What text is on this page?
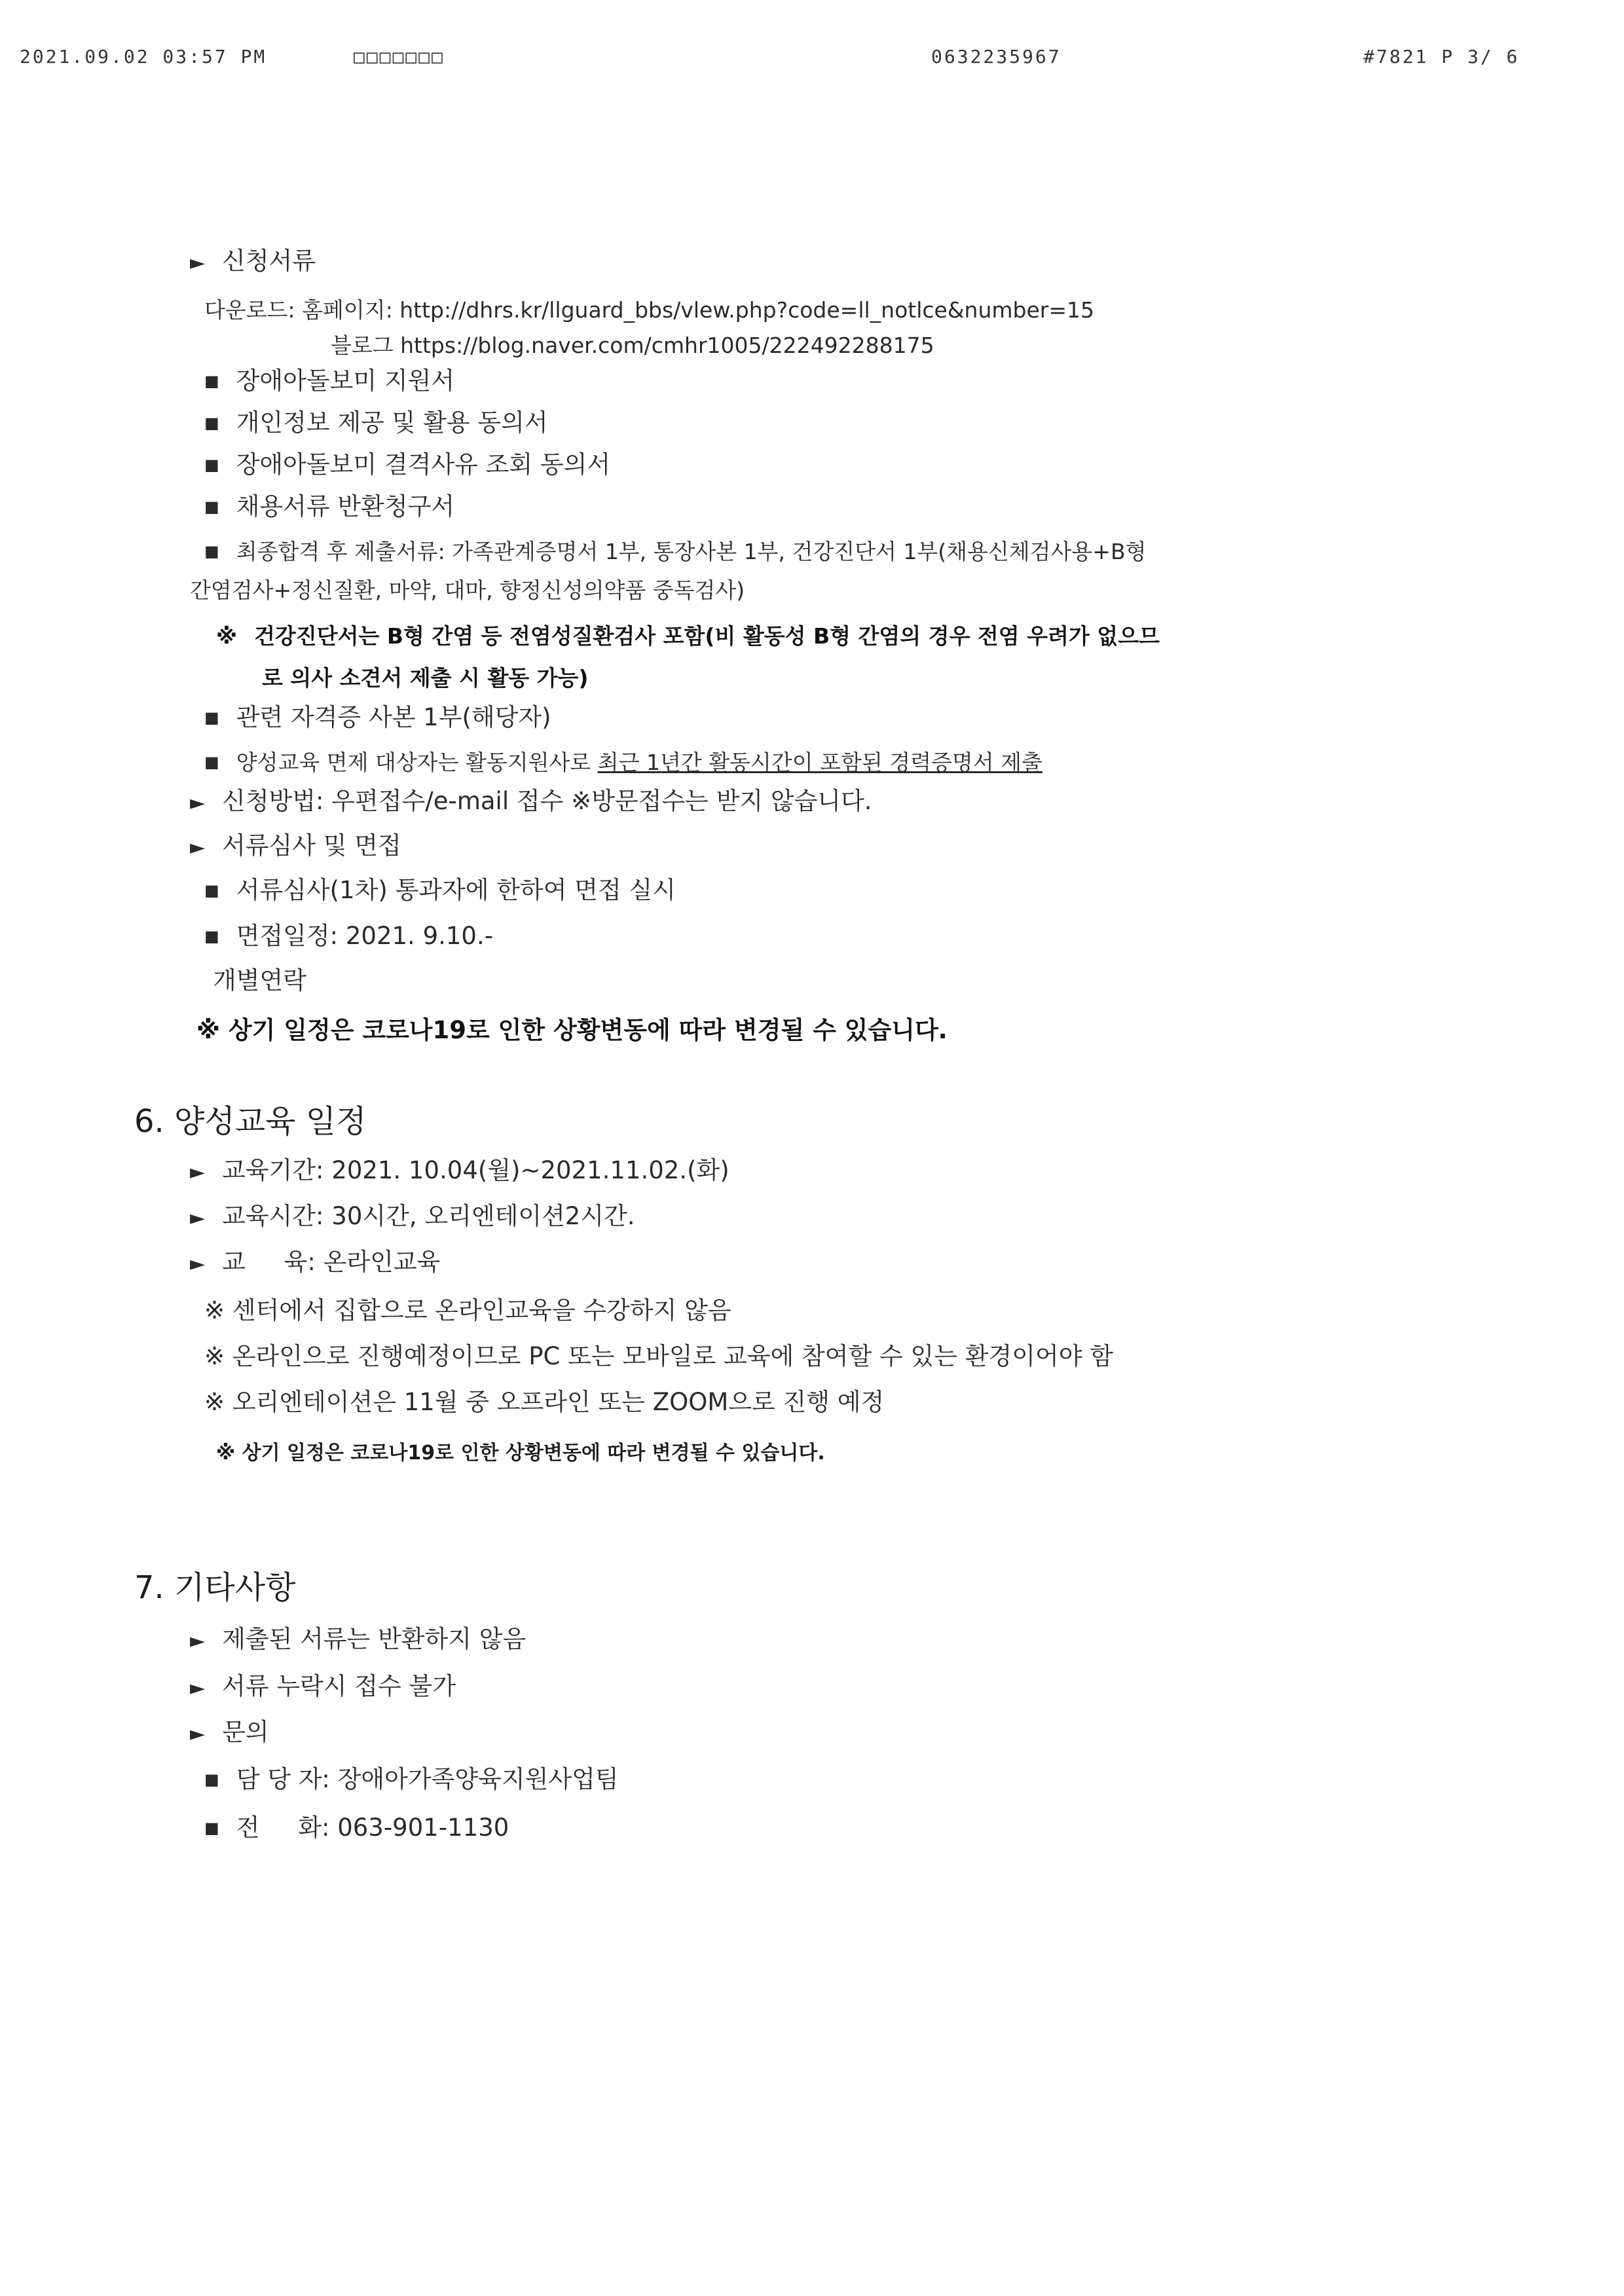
2021.09.02 03:57 PM	□□□□□□□	0632235967	#7821 P 3/ 6
► 신청서류
다운로드: 홈페이지: http://dhrs.kr/llguard_bbs/vlew.php?code=ll_notlce&number=15
블로그 https://blog.naver.com/cmhr1005/222492288175
■ 장애아돌보미 지원서
■ 개인정보 제공 및 활용 동의서
■ 장애아돌보미 결격사유 조회 동의서
■ 채용서류 반환청구서
■ 최종합격 후 제출서류: 가족관계증명서 1부, 통장사본 1부, 건강진단서 1부(채용신체검사용+B형
간염검사+정신질환, 마약, 대마, 향정신성의약품 중독검사)
※ 건강진단서는 B형 간염 등 전염성질환검사 포함(비 활동성 B형 간염의 경우 전염 우려가 없으므
로 의사 소견서 제출 시 활동 가능)
■ 관련 자격증 사본 1부(해당자)
■ 양성교육 면제 대상자는 활동지원사로 최근 1년간 활동시간이 포함된 경력증명서 제출
► 신청방법: 우편접수/e-mail 접수 ※방문접수는 받지 않습니다.
► 서류심사 및 면접
■ 서류심사(1차) 통과자에 한하여 면접 실시
■ 면접일정: 2021. 9.10.-
개별연락
※ 상기 일정은 코로나19로 인한 상황변동에 따라 변경될 수 있습니다.
6. 양성교육 일정
► 교육기간: 2021. 10.04(월)~2021.11.02.(화)
► 교육시간: 30시간, 오리엔테이션2시간.
► 교     육: 온라인교육
※ 센터에서 집합으로 온라인교육을 수강하지 않음
※ 온라인으로 진행예정이므로 PC 또는 모바일로 교육에 참여할 수 있는 환경이어야 함
※ 오리엔테이션은 11월 중 오프라인 또는 ZOOM으로 진행 예정
※ 상기 일정은 코로나19로 인한 상황변동에 따라 변경될 수 있습니다.
7. 기타사항
► 제출된 서류는 반환하지 않음
► 서류 누락시 접수 불가
► 문의
■ 담 당 자: 장애아가족양육지원사업팀
■ 전     화: 063-901-1130
